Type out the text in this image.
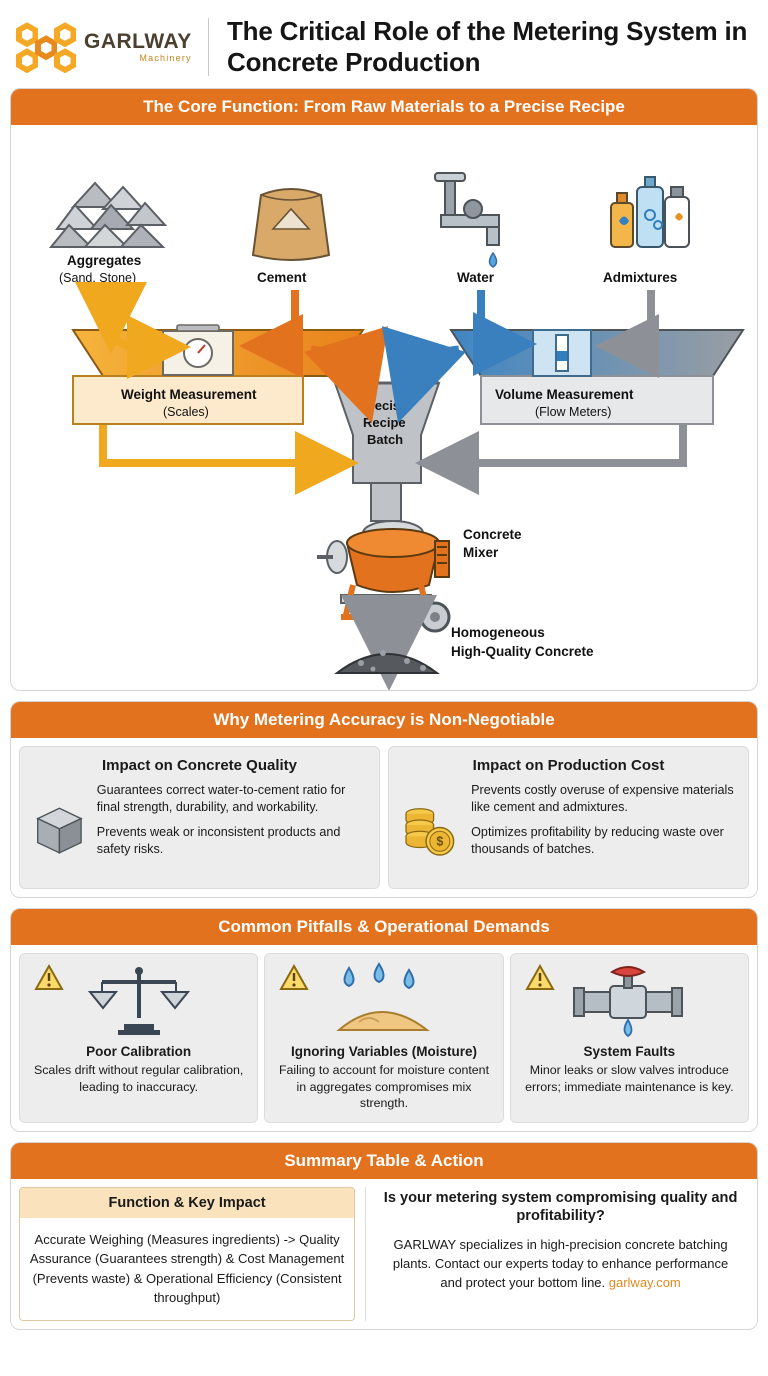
GARLWAY
Machinery
The Critical Role of the Metering System in Concrete Production
The Core Function: From Raw Materials to a Precise Recipe
Aggregates
(Sand, Stone)	Cement	Water	Admixtures
Weight Measurement
(Scales)
Volume Measurement
(Flow Meters)
Precise
Recipe
Batch
Concrete
Mixer
Homogeneous
High-Quality Concrete
Why Metering Accuracy is Non-Negotiable
Impact on Concrete Quality

Guarantees correct water-to-cement ratio for final strength, durability, and workability.

Prevents weak or inconsistent products and safety risks.

Impact on Production Cost
$

Prevents costly overuse of expensive materials like cement and admixtures.

Optimizes profitability by reducing waste over thousands of batches.

Common Pitfalls & Operational Demands
Poor Calibration
Scales drift without regular calibration, leading to inaccuracy.
Ignoring Variables (Moisture)
Failing to account for moisture content in aggregates compromises mix strength.
System Faults
Minor leaks or slow valves introduce errors; immediate maintenance is key.
Summary Table & Action
Function & Key Impact
Accurate Weighing (Measures ingredients) -> Quality Assurance (Guarantees strength) & Cost Management (Prevents waste) & Operational Efficiency (Consistent throughput)
Is your metering system compromising quality and profitability?
GARLWAY specializes in high-precision concrete batching plants. Contact our experts today to enhance performance and protect your bottom line. garlway.com
